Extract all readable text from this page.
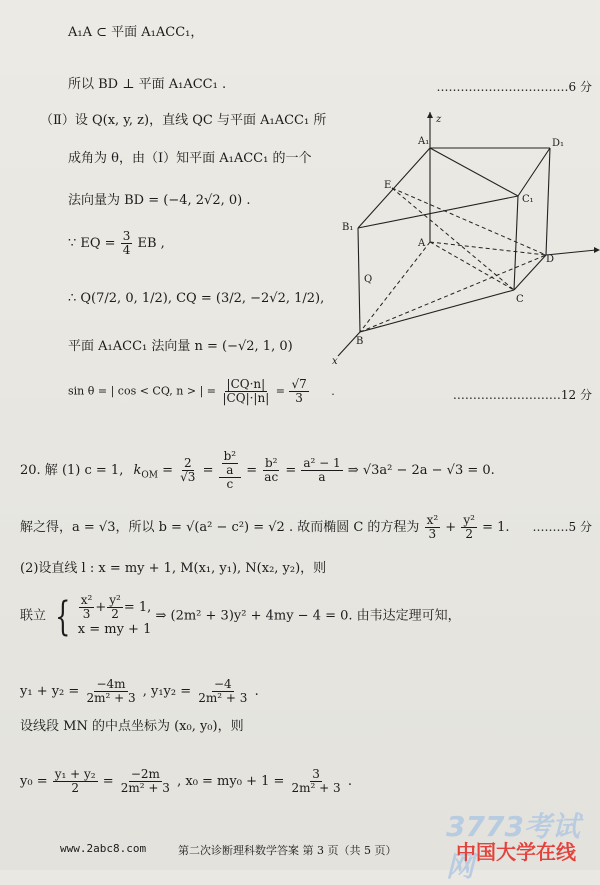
A₁A ⊂ 平面 A₁ACC₁，
所以 BD ⊥ 平面 A₁ACC₁ .	……………………………6 分
（Ⅱ）设 Q(x, y, z)，直线 QC 与平面 A₁ACC₁ 所
成角为 θ，由（Ⅰ）知平面 A₁ACC₁ 的一个
法向量为 BD = (−4, 2√2, 0) .
∵ EQ = $\frac{3}{4}$ EB ,
∴ Q(7/2, 0, 1/2), CQ = (3/2, −2√2, 1/2),
平面 A₁ACC₁ 法向量 n = (−√2, 1, 0)
sin θ = | cos < CQ, n > | = $\frac{|CQ\cdot n|}{|CQ|\cdot|n|} = \frac{√7}{3}$ .	………………………12 分
A₁
z
D₁
E
C₁
B₁
A
D
Q
C
B
x
20. 解 (1) c = 1, $k_{OM} = \frac{2}{√3} = \frac{\frac{\text{b²}}{a}}{c} = \frac{\text{b²}}{ac} = \frac{\text{a² − 1}}{a}$ ⇒ √3a² − 2a − √3 = 0.
解之得，a = √3，所以 b = √(a² − c²) = √2 . 故而椭圆 C 的方程为 $\frac{\text{x²}}{3} + \frac{\text{y²}}{2} = 1$. ………5 分
(2)设直线 l : x = my + 1, M(x₁, y₁), N(x₂, y₂)，则
联立 { $\frac{\text{x²}}{3} + \frac{\text{y²}}{2} = 1$,
x = my + 1
⇒ (2m² + 3)y² + 4my − 4 = 0. 由韦达定理可知，
$y_1 + y_2 = \frac{-4m}{\text{2m² + 3}}$ , $y_1y_2 = \frac{-4}{\text{2m² + 3}}$ .
设线段 MN 的中点坐标为 (x₀, y₀)，则
$y_0 = \frac{\text{y₁ + y₂}}{2} = \frac{-2m}{\text{2m² + 3}}$ , $x_0 = my_0 + 1 = \frac{3}{\text{2m² + 3}}$ .
www.2abc8.com	第二次诊断理科数学答案 第 3 页（共 5 页）
3773考试网
中国大学在线
